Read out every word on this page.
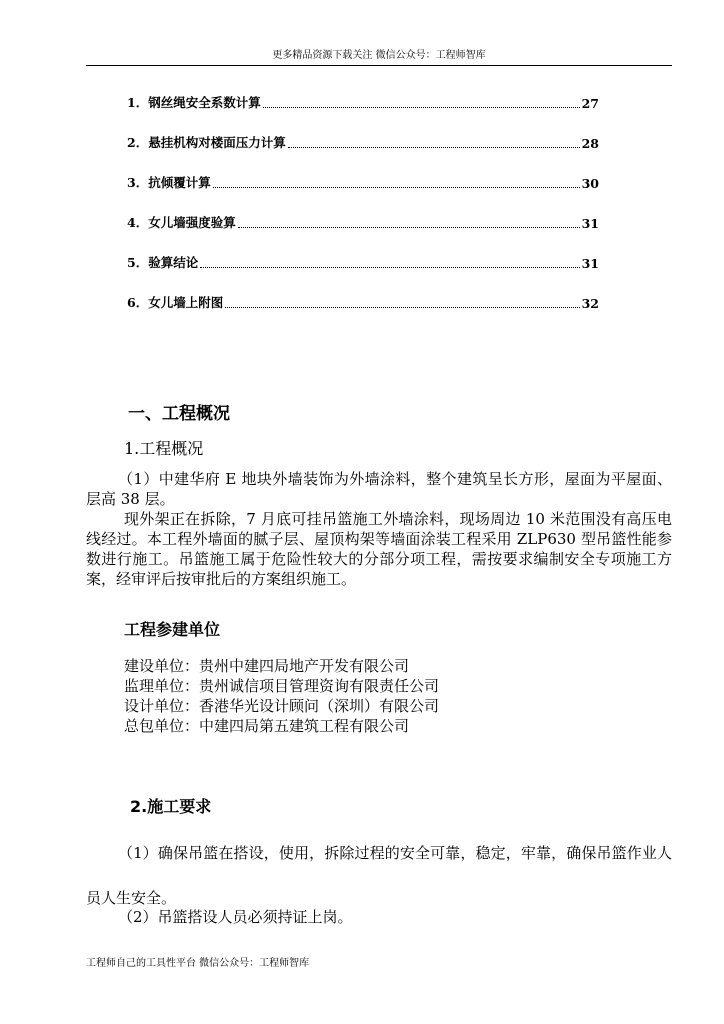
更多精品资源下载关注 微信公众号：工程师智库
1．钢丝绳安全系数计算	27
2．悬挂机构对楼面压力计算	28
3．抗倾覆计算	30
4．女儿墙强度验算	31
5．验算结论	31
6．女儿墙上附图	32
一、工程概况
1.工程概况
（1）中建华府 E 地块外墙装饰为外墙涂料，整个建筑呈长方形，屋面为平屋面、层高 38 层。
现外架正在拆除，7 月底可挂吊篮施工外墙涂料，现场周边 10 米范围没有高压电线经过。本工程外墙面的腻子层、屋顶构架等墙面涂装工程采用 ZLP630 型吊篮性能参数进行施工。吊篮施工属于危险性较大的分部分项工程，需按要求编制安全专项施工方案，经审评后按审批后的方案组织施工。
工程参建单位
建设单位：贵州中建四局地产开发有限公司
监理单位：贵州诚信项目管理资询有限责任公司
设计单位：香港华光设计顾问（深圳）有限公司
总包单位：中建四局第五建筑工程有限公司
2.施工要求
（1）确保吊篮在搭设，使用，拆除过程的安全可靠，稳定，牢靠，确保吊篮作业人员人生安全。
（2）吊篮搭设人员必须持证上岗。
工程师自己的工具性平台 微信公众号：工程师智库
